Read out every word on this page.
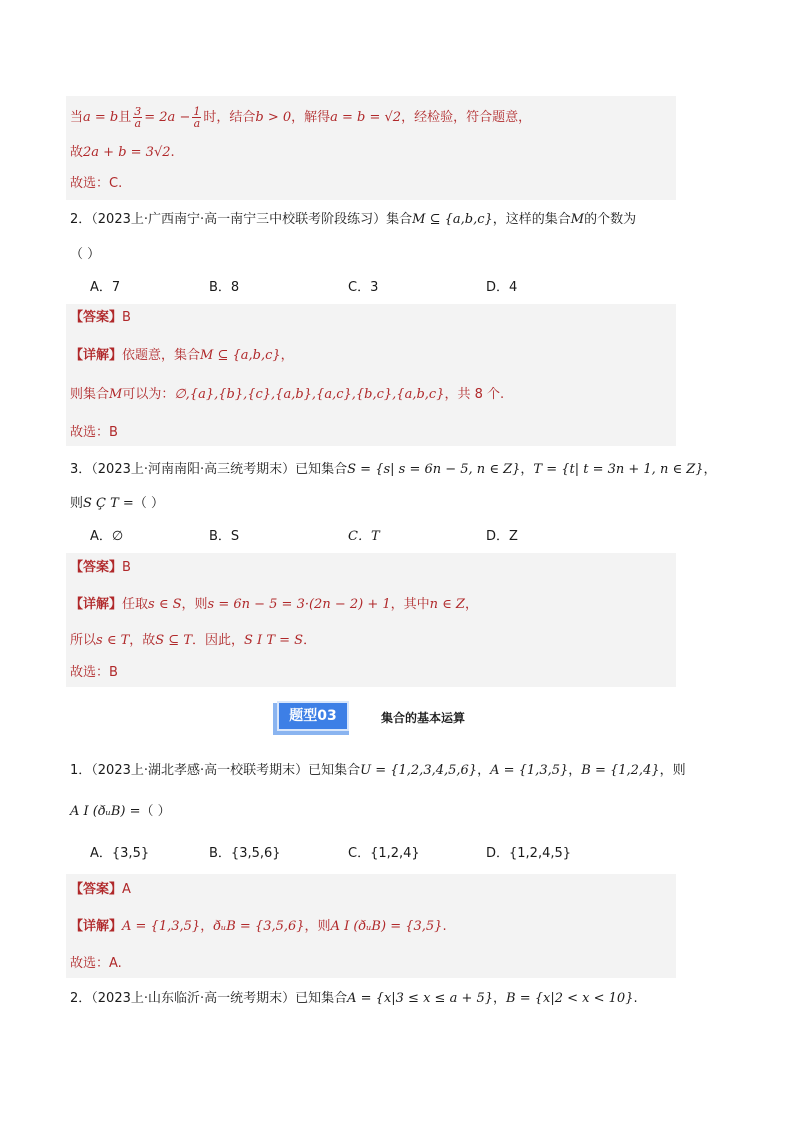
当a = b且 $\frac{3}{a} = 2a - \frac{1}{a}$ 时，结合b > 0，解得a = b = √2，经检验，符合题意，
故2a + b = 3√2.
故选：C.
2．（2023上·广西南宁·高一南宁三中校联考阶段练习）集合M ⊆ {a,b,c}，这样的集合M的个数为
（ ）
A．7	B．8	C．3	D．4
【答案】B
【详解】依题意，集合M ⊆ {a,b,c}，
则集合M可以为：∅,{a},{b},{c},{a,b},{a,c},{b,c},{a,b,c}，共 8 个.
故选：B
3．（2023上·河南南阳·高三统考期末）已知集合S = {s| s = 6n − 5, n ∈ Z}，T = {t| t = 3n + 1, n ∈ Z}，
则S Ç T =（ ）
A．∅	B．S	C．T	D．Z
【答案】B
【详解】任取s ∈ S，则s = 6n − 5 = 3·(2n − 2) + 1，其中n ∈ Z，
所以s ∈ T，故S ⊆ T．因此，S I T = S．
故选：B
题型03	集合的基本运算
1．（2023上·湖北孝感·高一校联考期末）已知集合U = {1,2,3,4,5,6}，A = {1,3,5}，B = {1,2,4}，则
A I (ðᵤB) =（ ）
A．{3,5}	B．{3,5,6}	C．{1,2,4}	D．{1,2,4,5}
【答案】A
【详解】A = {1,3,5}，ðᵤB = {3,5,6}，则A I (ðᵤB) = {3,5}.
故选：A.
2．（2023上·山东临沂·高一统考期末）已知集合A = {x|3 ≤ x ≤ a + 5}，B = {x|2 < x < 10}.
